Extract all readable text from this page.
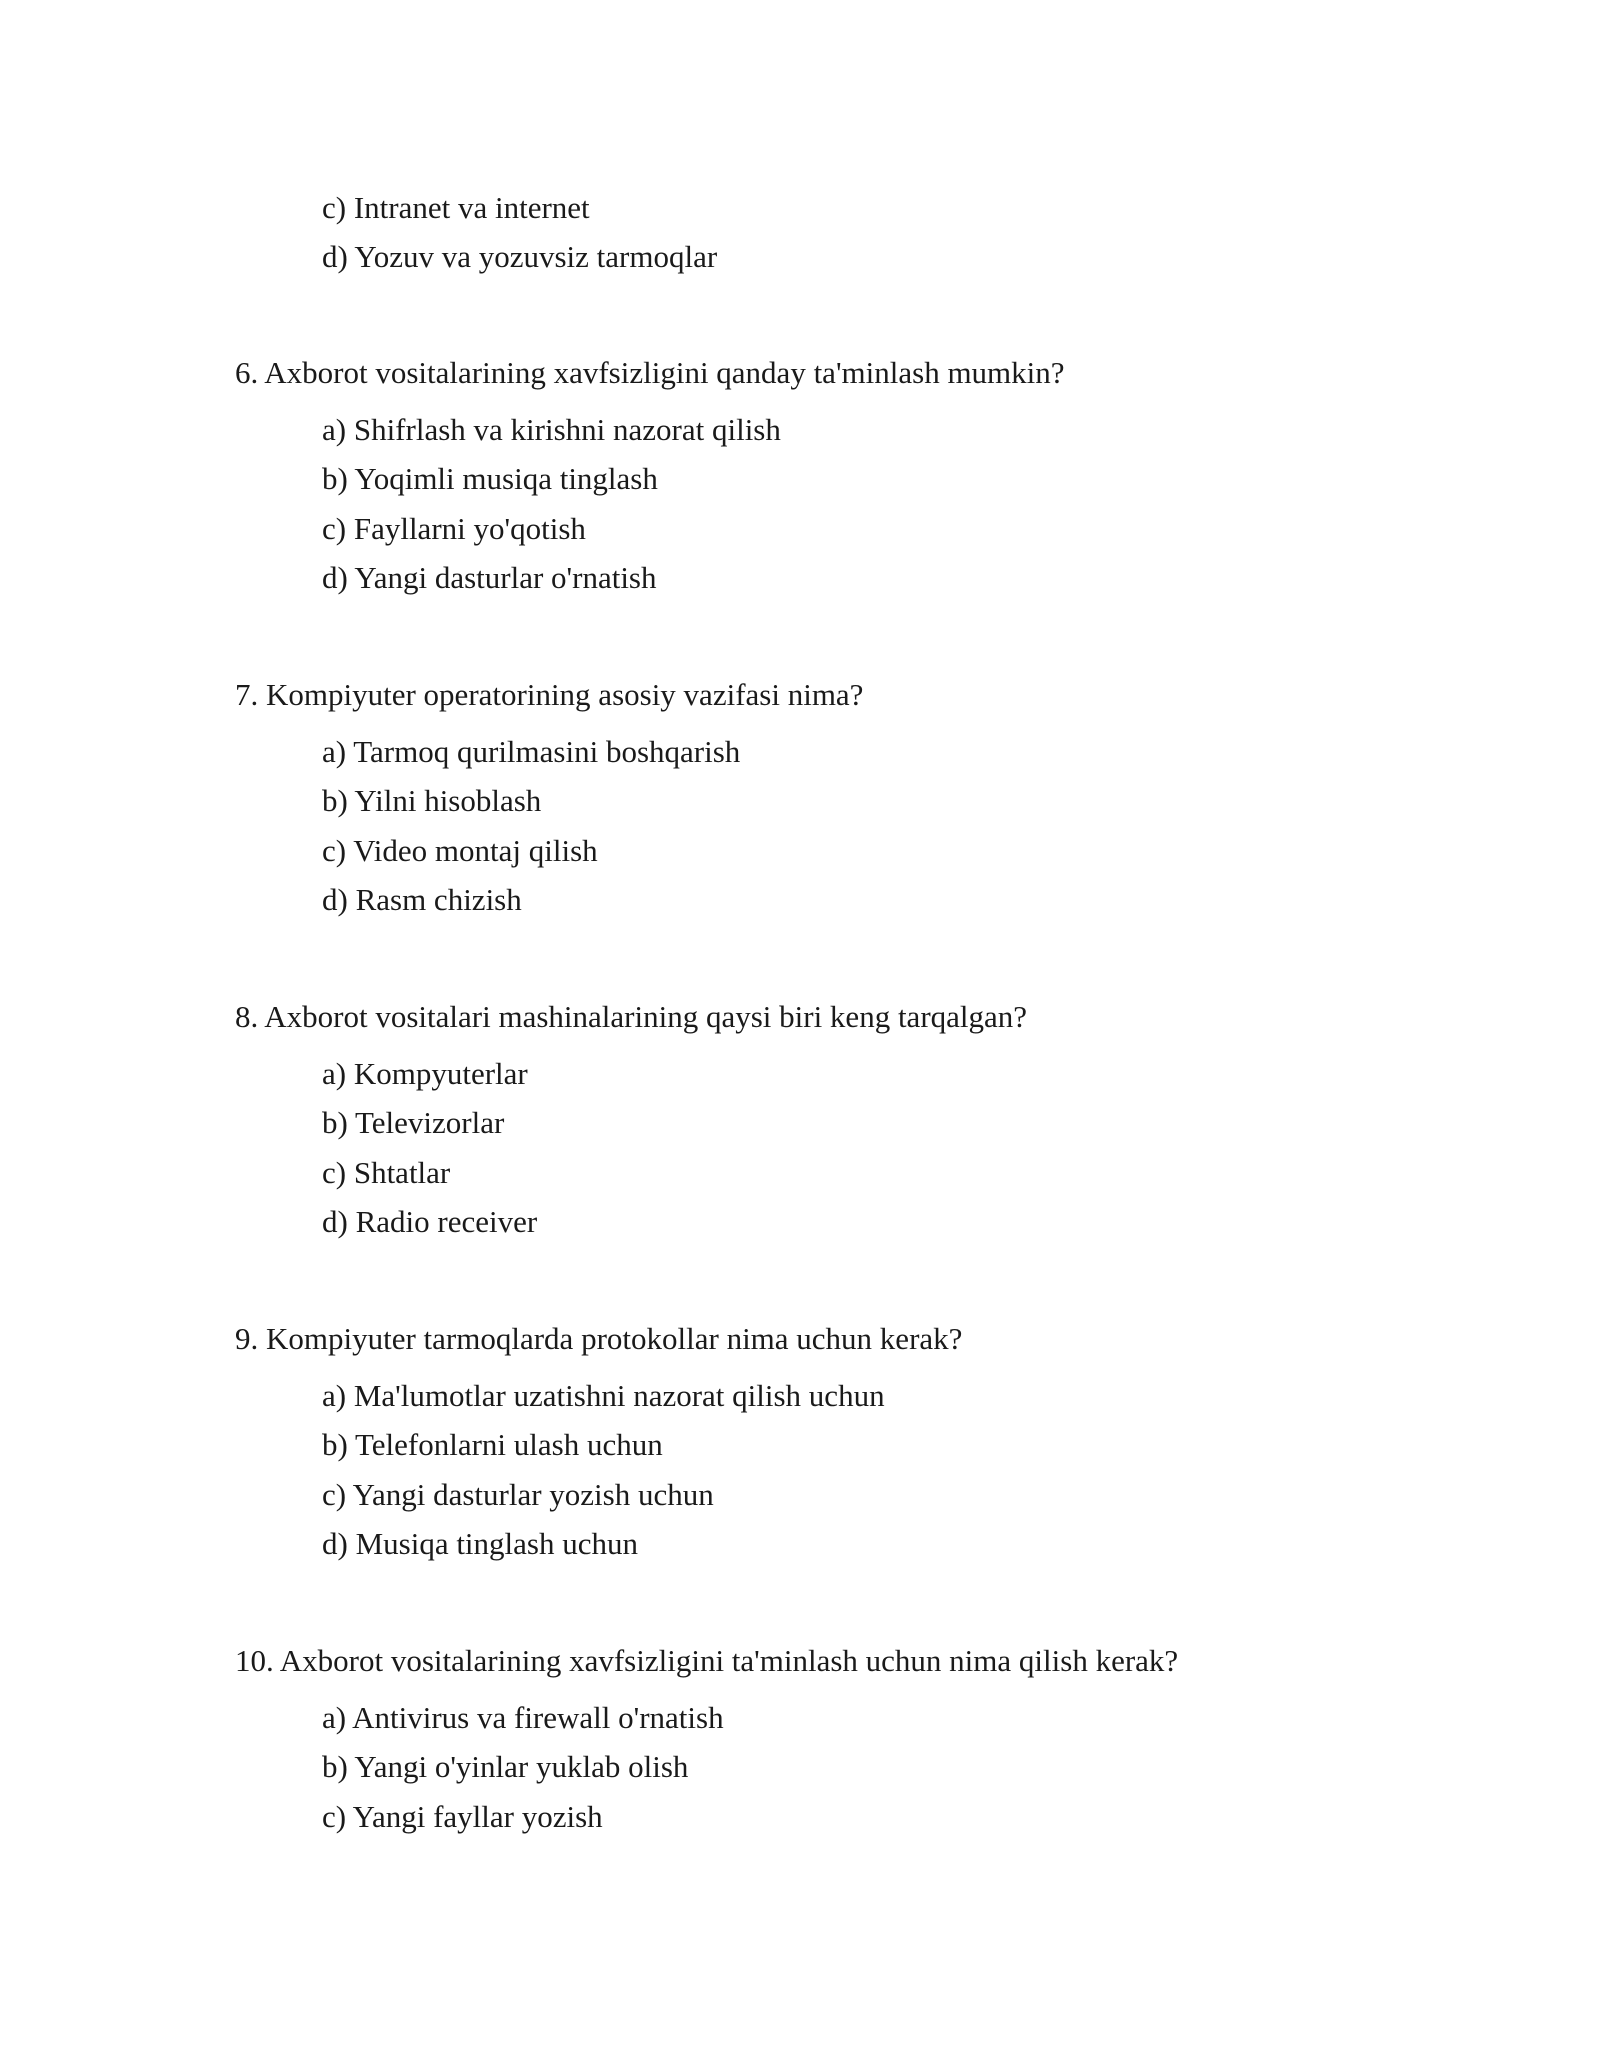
c) Intranet va internet
d) Yozuv va yozuvsiz tarmoqlar
6. Axborot vositalarining xavfsizligini qanday ta'minlash mumkin?
a) Shifrlash va kirishni nazorat qilish
b) Yoqimli musiqa tinglash
c) Fayllarni yo'qotish
d) Yangi dasturlar o'rnatish
7. Kompiyuter operatorining asosiy vazifasi nima?
a) Tarmoq qurilmasini boshqarish
b) Yilni hisoblash
c) Video montaj qilish
d) Rasm chizish
8. Axborot vositalari mashinalarining qaysi biri keng tarqalgan?
a) Kompyuterlar
b) Televizorlar
c) Shtatlar
d) Radio receiver
9. Kompiyuter tarmoqlarda protokollar nima uchun kerak?
a) Ma'lumotlar uzatishni nazorat qilish uchun
b) Telefonlarni ulash uchun
c) Yangi dasturlar yozish uchun
d) Musiqa tinglash uchun
10. Axborot vositalarining xavfsizligini ta'minlash uchun nima qilish kerak?
a) Antivirus va firewall o'rnatish
b) Yangi o'yinlar yuklab olish
c) Yangi fayllar yozish
